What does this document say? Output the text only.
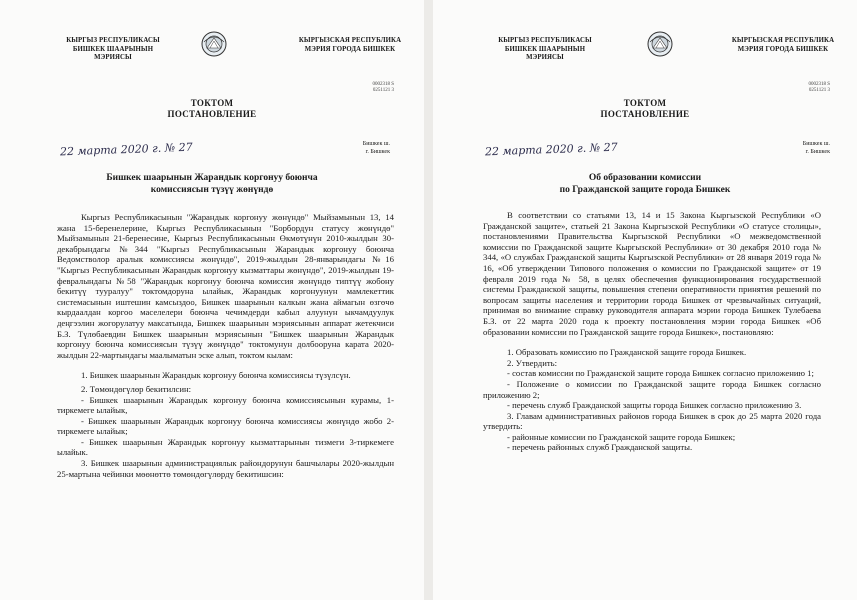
КЫРГЫЗ РЕСПУБЛИКАСЫ
БИШКЕК ШААРЫНЫН
МЭРИЯСЫ
КЫРГЫЗСКАЯ РЕСПУБЛИКА
МЭРИЯ ГОРОДА БИШКЕК
0002318 S
0251121 3
ТОКТОМ
ПОСТАНОВЛЕНИЕ
22 марта 2020 г. № 27	Бишкек ш.
г. Бишкек
Бишкек шаарынын Жарандык коргонуу боюнча
комиссиясын түзүү жөнүндө

Кыргыз Республикасынын "Жарандык коргонуу жөнүндө" Мыйзамынын 13, 14 жана 15-беренелерине, Кыргыз Республикасынын "Борбордун статусу жөнүндө" Мыйзамынын 21-беренесине, Кыргыз Республикасынын Өкмөтүнүн 2010-жылдын 30-декабрындагы №344 "Кыргыз Республикасынын Жарандык коргонуу боюнча Ведомстволор аралык комиссиясы жөнүндө", 2019-жылдын 28-январындагы №16 "Кыргыз Республикасынын Жарандык коргонуу кызматтары жөнүндө", 2019-жылдын 19-февралындагы №58 "Жарандык коргонуу боюнча комиссия жөнүндө типтүү жобону бекитүү тууралуу" токтомдоруна ылайык, Жарандык коргонуунун мамлекеттик системасынын иштешин камсыздоо, Бишкек шаарынын калкын жана аймагын өзгөчө кырдаалдан коргоо маселелери боюнча чечимдерди кабыл алуунун ыкчамдуулук деңгээлин жогорулатуу максатында, Бишкек шаарынын мэриясынын аппарат жетекчиси Б.З. Түлөбаевдин Бишкек шаарынын мэриясынын "Бишкек шаарынын Жарандык коргонуу боюнча комиссиясын түзүү жөнүндө" токтомунун долбооруна карата 2020-жылдын 22-мартындагы маалыматын эске алып, токтом кылам:

1. Бишкек шаарынын Жарандык коргонуу боюнча комиссиясы түзүлсүн.

2. Төмөндөгүлөр бекитилсин:

- Бишкек шаарынын Жарандык коргонуу боюнча комиссиясынын курамы, 1-тиркемеге ылайык,

- Бишкек шаарынын Жарандык коргонуу боюнча комиссиясы жөнүндө жобо 2-тиркемеге ылайык;

- Бишкек шаарынын Жарандык коргонуу кызматтарынын тизмеги 3-тиркемеге ылайык.

3. Бишкек шаарынын администрациялык райондорунун башчылары 2020-жылдын 25-мартына чейинки мөөнөттө төмөндөгүлөрдү бекитишсин:

КЫРГЫЗ РЕСПУБЛИКАСЫ
БИШКЕК ШААРЫНЫН
МЭРИЯСЫ
КЫРГЫЗСКАЯ РЕСПУБЛИКА
МЭРИЯ ГОРОДА БИШКЕК
0002318 S
0251121 3
ТОКТОМ
ПОСТАНОВЛЕНИЕ
22 марта 2020 г. № 27	Бишкек ш.
г. Бишкек
Об образовании комиссии
по Гражданской защите города Бишкек

В соответствии со статьями 13, 14 и 15 Закона Кыргызской Республики «О Гражданской защите», статьей 21 Закона Кыргызской Республики «О статусе столицы», постановлениями Правительства Кыргызской Республики «О межведомственной комиссии по Гражданской защите Кыргызской Республики» от 30 декабря 2010 года № 344, «О службах Гражданской защиты Кыргызской Республики» от 28 января 2019 года № 16, «Об утверждении Типового положения о комиссии по Гражданской защите» от 19 февраля 2019 года № 58, в целях обеспечения функционирования государственной системы Гражданской защиты, повышения степени оперативности принятия решений по вопросам защиты населения и территории города Бишкек от чрезвычайных ситуаций, принимая во внимание справку руководителя аппарата мэрии города Бишкек Тулебаева Б.З. от 22 марта 2020 года к проекту постановления мэрии города Бишкек «Об образовании комиссии по Гражданской защите города Бишкек», постановляю:

1. Образовать комиссию по Гражданской защите города Бишкек.

2. Утвердить:

- состав комиссии по Гражданской защите города Бишкек согласно приложению 1;

- Положение о комиссии по Гражданской защите города Бишкек согласно приложению 2;

- перечень служб Гражданской защиты города Бишкек согласно приложению 3.

3. Главам административных районов города Бишкек в срок до 25 марта 2020 года утвердить:

- районные комиссии по Гражданской защите города Бишкек;

- перечень районных служб Гражданской защиты.
